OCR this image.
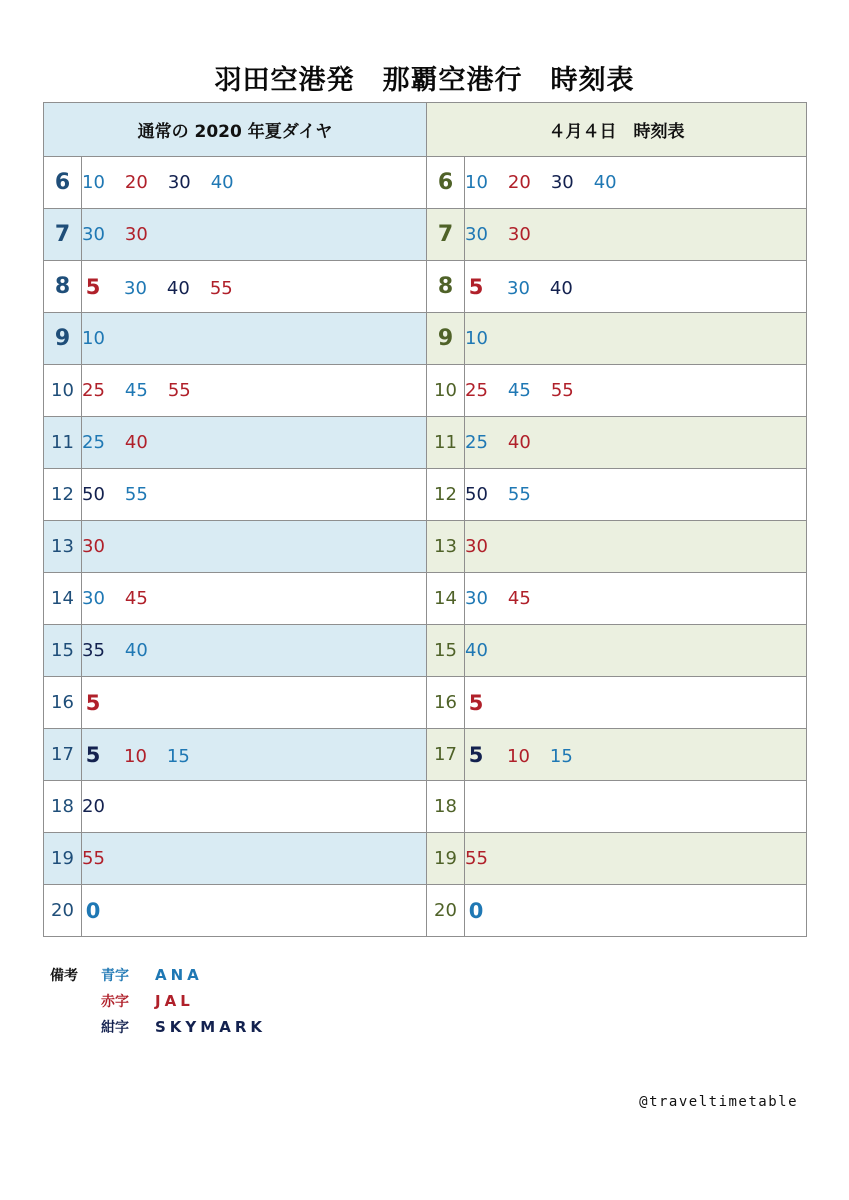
羽田空港発　那覇空港行　時刻表
通常の 2020 年夏ダイヤ		４月４日　時刻表	
6	10 20 30 40	6	10 20 30 40
7	30 30	7	30 30
8	5 30 40 55	8	5 30 40
9	10	9	10
10	25 45 55	10	25 45 55
11	25 40	11	25 40
12	50 55	12	50 55
13	30	13	30
14	30 45	14	30 45
15	35 40	15	40
16	5	16	5
17	5 10 15	17	5 10 15
18	20	18	
19	55	19	55
20	0	20	0
備考 青字 ANA
赤字 JAL
紺字 SKYMARK
@traveltimetable
